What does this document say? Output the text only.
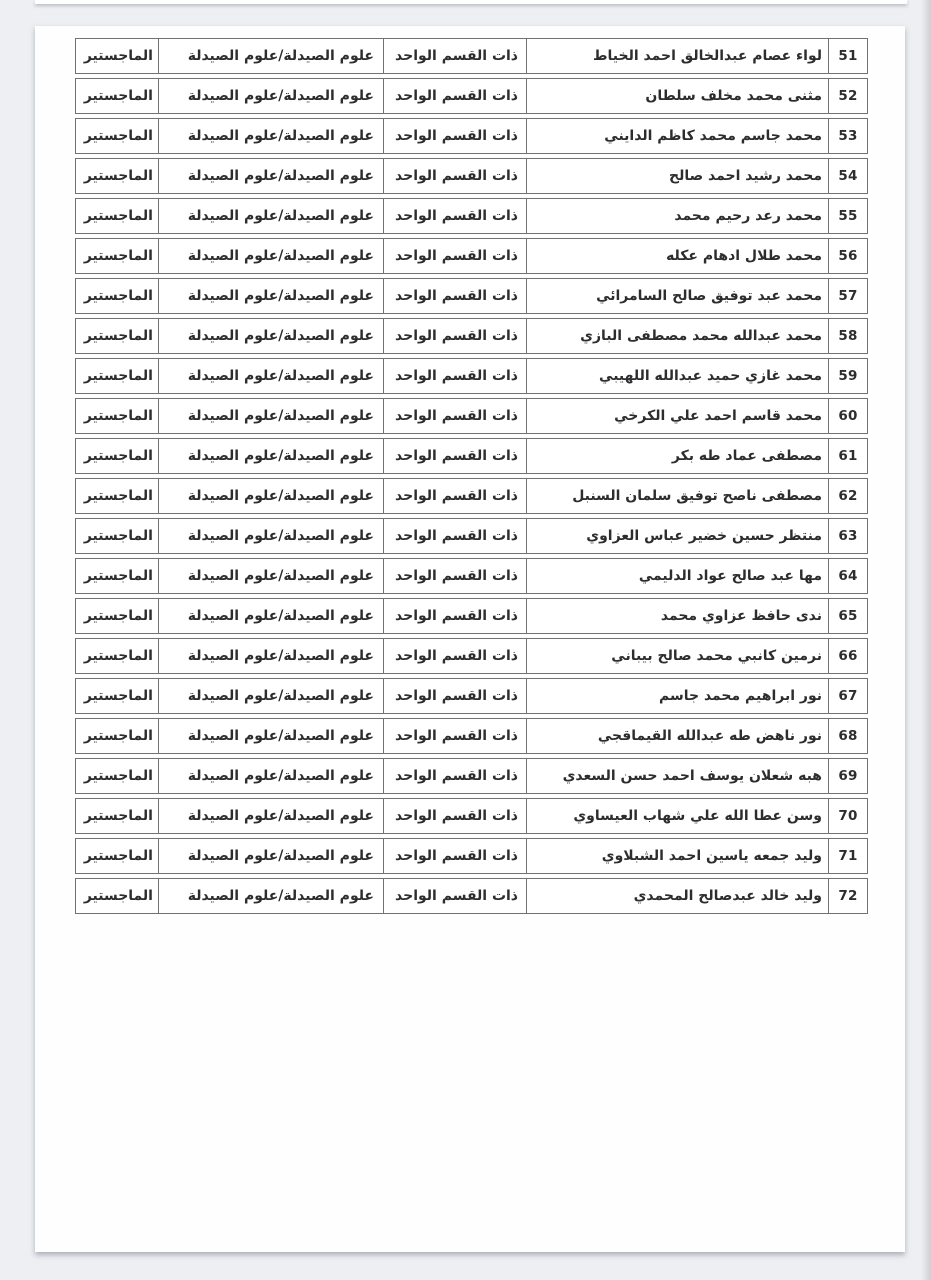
51
لواء عصام عبدالخالق احمد الخياط
ذات القسم الواحد
علوم الصيدلة/علوم الصيدلة
الماجستير
52
مثنى محمد مخلف سلطان
ذات القسم الواحد
علوم الصيدلة/علوم الصيدلة
الماجستير
53
محمد جاسم محمد كاظم الدايني
ذات القسم الواحد
علوم الصيدلة/علوم الصيدلة
الماجستير
54
محمد رشيد احمد صالح
ذات القسم الواحد
علوم الصيدلة/علوم الصيدلة
الماجستير
55
محمد رعد رحيم محمد
ذات القسم الواحد
علوم الصيدلة/علوم الصيدلة
الماجستير
56
محمد طلال ادهام عكله
ذات القسم الواحد
علوم الصيدلة/علوم الصيدلة
الماجستير
57
محمد عبد توفيق صالح السامرائي
ذات القسم الواحد
علوم الصيدلة/علوم الصيدلة
الماجستير
58
محمد عبدالله محمد مصطفى البازي
ذات القسم الواحد
علوم الصيدلة/علوم الصيدلة
الماجستير
59
محمد غازي حميد عبدالله اللهيبي
ذات القسم الواحد
علوم الصيدلة/علوم الصيدلة
الماجستير
60
محمد قاسم احمد علي الكرخي
ذات القسم الواحد
علوم الصيدلة/علوم الصيدلة
الماجستير
61
مصطفى عماد طه بكر
ذات القسم الواحد
علوم الصيدلة/علوم الصيدلة
الماجستير
62
مصطفى ناصح توفيق سلمان السنبل
ذات القسم الواحد
علوم الصيدلة/علوم الصيدلة
الماجستير
63
منتظر حسين خضير عباس العزاوي
ذات القسم الواحد
علوم الصيدلة/علوم الصيدلة
الماجستير
64
مها عبد صالح عواد الدليمي
ذات القسم الواحد
علوم الصيدلة/علوم الصيدلة
الماجستير
65
ندى حافظ عزاوي محمد
ذات القسم الواحد
علوم الصيدلة/علوم الصيدلة
الماجستير
66
نرمين كانبي محمد صالح بيباني
ذات القسم الواحد
علوم الصيدلة/علوم الصيدلة
الماجستير
67
نور ابراهيم محمد جاسم
ذات القسم الواحد
علوم الصيدلة/علوم الصيدلة
الماجستير
68
نور ناهض طه عبدالله القيماقجي
ذات القسم الواحد
علوم الصيدلة/علوم الصيدلة
الماجستير
69
هبه شعلان يوسف احمد حسن السعدي
ذات القسم الواحد
علوم الصيدلة/علوم الصيدلة
الماجستير
70
وسن عطا الله علي شهاب العيساوي
ذات القسم الواحد
علوم الصيدلة/علوم الصيدلة
الماجستير
71
وليد جمعه ياسين احمد الشبلاوي
ذات القسم الواحد
علوم الصيدلة/علوم الصيدلة
الماجستير
72
وليد خالد عبدصالح المحمدي
ذات القسم الواحد
علوم الصيدلة/علوم الصيدلة
الماجستير
